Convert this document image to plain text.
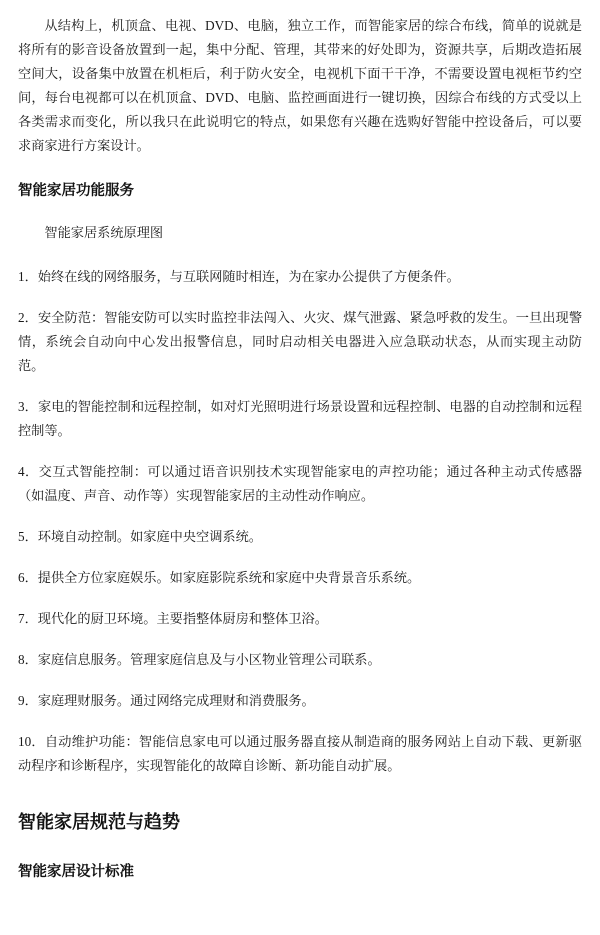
从结构上，机顶盒、电视、DVD、电脑，独立工作，而智能家居的综合布线，简单的说就是将所有的影音设备放置到一起，集中分配、管理，其带来的好处即为，资源共享，后期改造拓展空间大，设备集中放置在机柜后，利于防火安全，电视机下面干干净，不需要设置电视柜节约空间，每台电视都可以在机顶盒、DVD、电脑、监控画面进行一键切换，因综合布线的方式受以上各类需求而变化，所以我只在此说明它的特点，如果您有兴趣在选购好智能中控设备后，可以要求商家进行方案设计。

智能家居功能服务

智能家居系统原理图

1．始终在线的网络服务，与互联网随时相连，为在家办公提供了方便条件。
2．安全防范：智能安防可以实时监控非法闯入、火灾、煤气泄露、紧急呼救的发生。一旦出现警情，系统会自动向中心发出报警信息，同时启动相关电器进入应急联动状态，从而实现主动防范。
3．家电的智能控制和远程控制，如对灯光照明进行场景设置和远程控制、电器的自动控制和远程控制等。
4．交互式智能控制：可以通过语音识别技术实现智能家电的声控功能；通过各种主动式传感器（如温度、声音、动作等）实现智能家居的主动性动作响应。
5．环境自动控制。如家庭中央空调系统。
6．提供全方位家庭娱乐。如家庭影院系统和家庭中央背景音乐系统。
7．现代化的厨卫环境。主要指整体厨房和整体卫浴。
8．家庭信息服务。管理家庭信息及与小区物业管理公司联系。
9．家庭理财服务。通过网络完成理财和消费服务。
10．自动维护功能：智能信息家电可以通过服务器直接从制造商的服务网站上自动下载、更新驱动程序和诊断程序，实现智能化的故障自诊断、新功能自动扩展。
智能家居规范与趋势
智能家居设计标准
